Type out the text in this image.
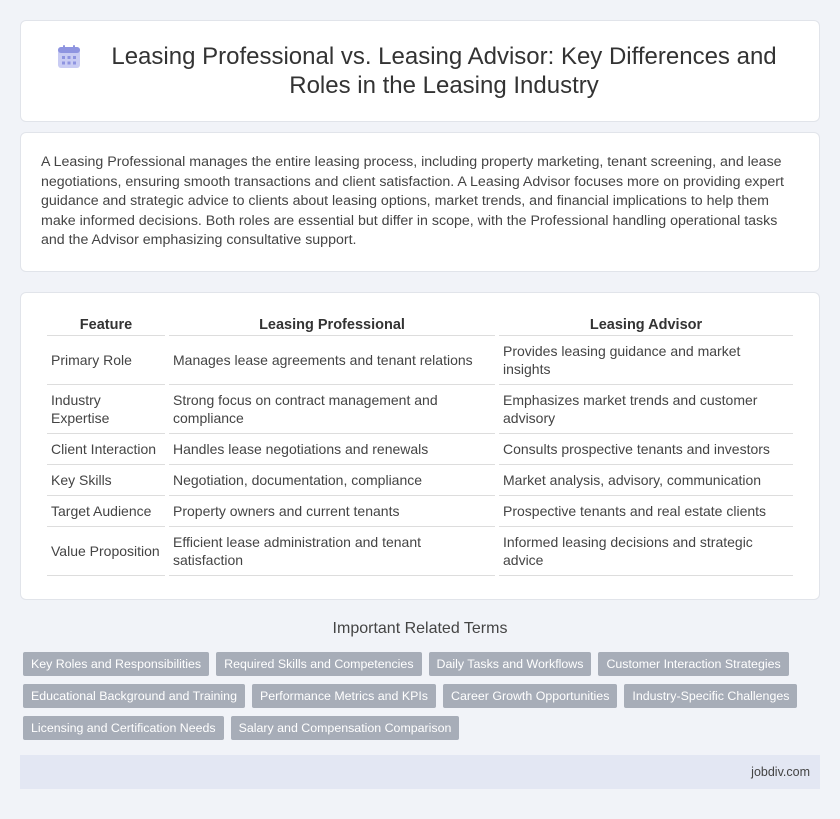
Leasing Professional vs. Leasing Advisor: Key Differences and Roles in the Leasing Industry
A Leasing Professional manages the entire leasing process, including property marketing, tenant screening, and lease negotiations, ensuring smooth transactions and client satisfaction. A Leasing Advisor focuses more on providing expert guidance and strategic advice to clients about leasing options, market trends, and financial implications to help them make informed decisions. Both roles are essential but differ in scope, with the Professional handling operational tasks and the Advisor emphasizing consultative support.
Feature	Leasing Professional	Leasing Advisor
Primary Role	Manages lease agreements and tenant relations	Provides leasing guidance and market insights
Industry Expertise	Strong focus on contract management and compliance	Emphasizes market trends and customer advisory
Client Interaction	Handles lease negotiations and renewals	Consults prospective tenants and investors
Key Skills	Negotiation, documentation, compliance	Market analysis, advisory, communication
Target Audience	Property owners and current tenants	Prospective tenants and real estate clients
Value Proposition	Efficient lease administration and tenant satisfaction	Informed leasing decisions and strategic advice
Important Related Terms
Key Roles and Responsibilities	Required Skills and Competencies	Daily Tasks and Workflows	Customer Interaction Strategies
Educational Background and Training	Performance Metrics and KPIs	Career Growth Opportunities	Industry-Specific Challenges
Licensing and Certification Needs	Salary and Compensation Comparison
jobdiv.com
